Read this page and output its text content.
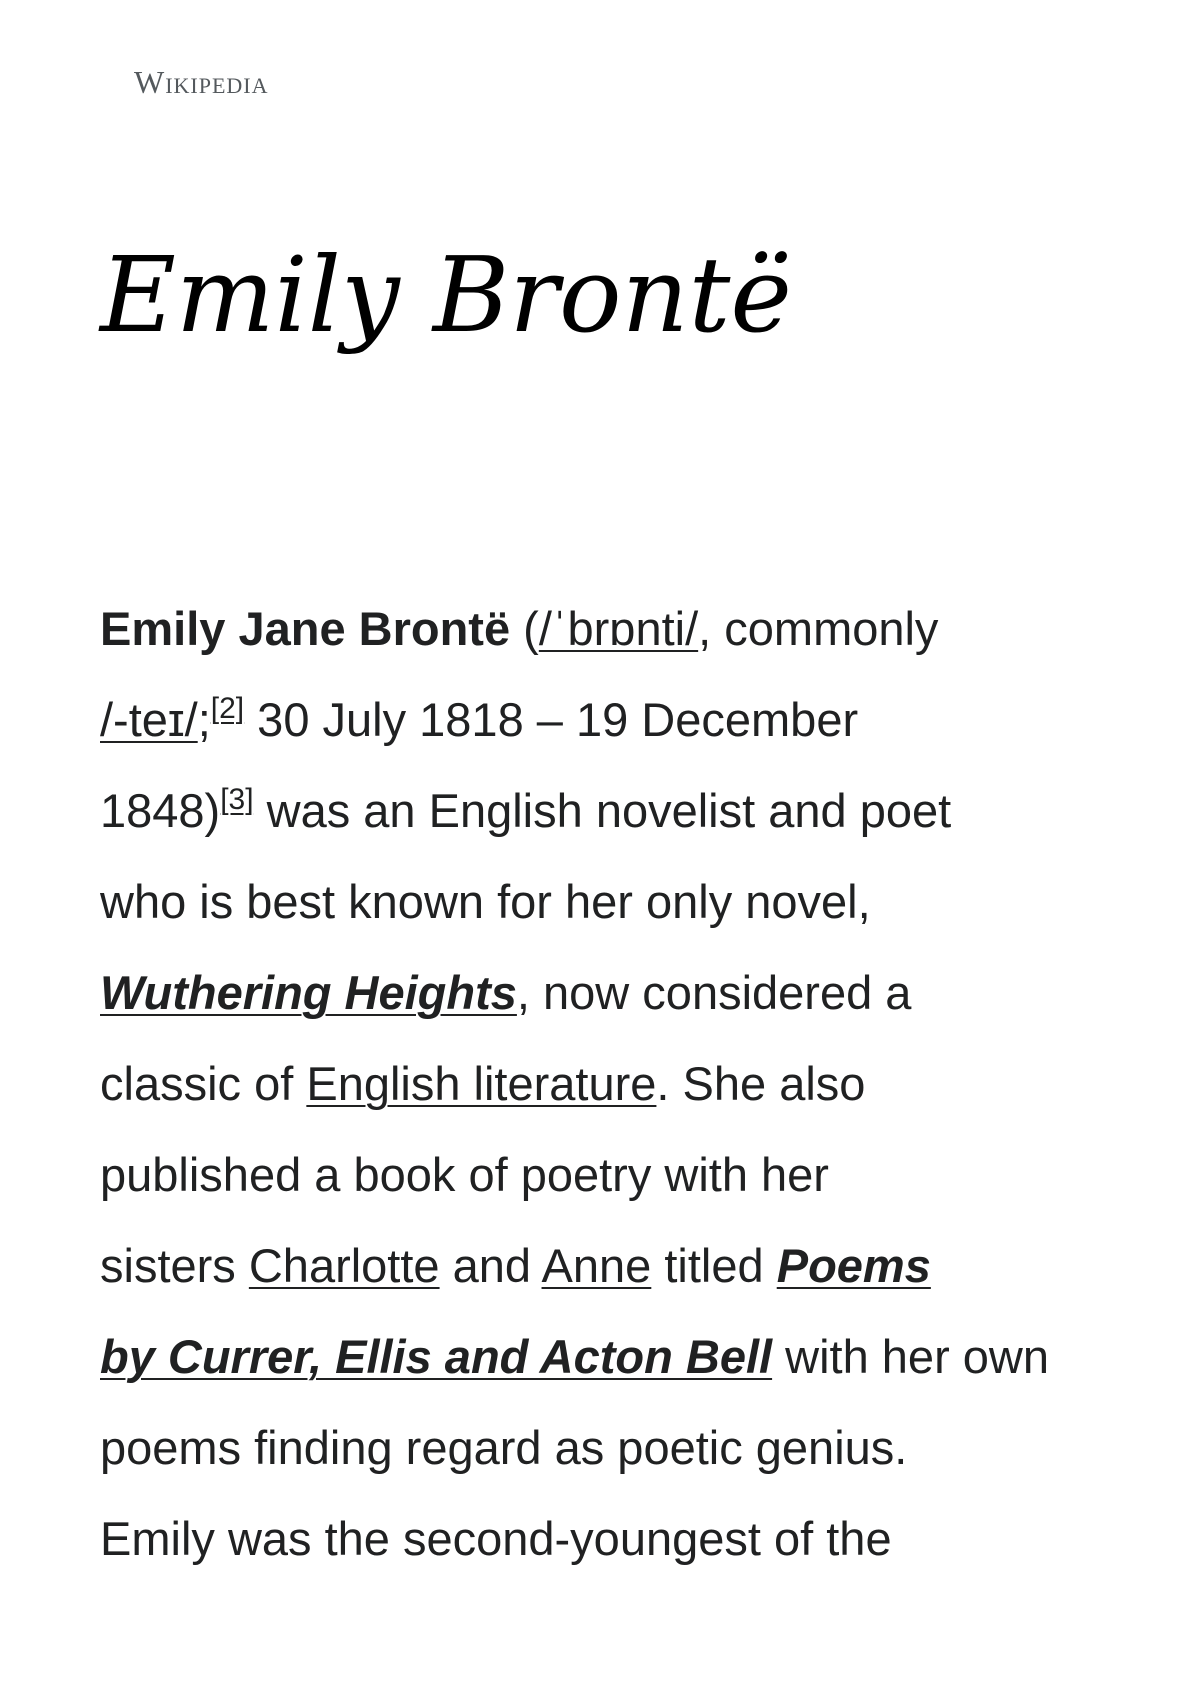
Wikipedia
Emily Brontë

Emily Jane Brontë (/ˈbrɒnti/, commonly
/-teɪ/;[2] 30 July 1818 – 19 December
1848)[3] was an English novelist and poet
who is best known for her only novel,
Wuthering Heights, now considered a
classic of English literature. She also
published a book of poetry with her
sisters Charlotte and Anne titled Poems
by Currer, Ellis and Acton Bell with her own
poems finding regard as poetic genius.
Emily was the second-youngest of the
